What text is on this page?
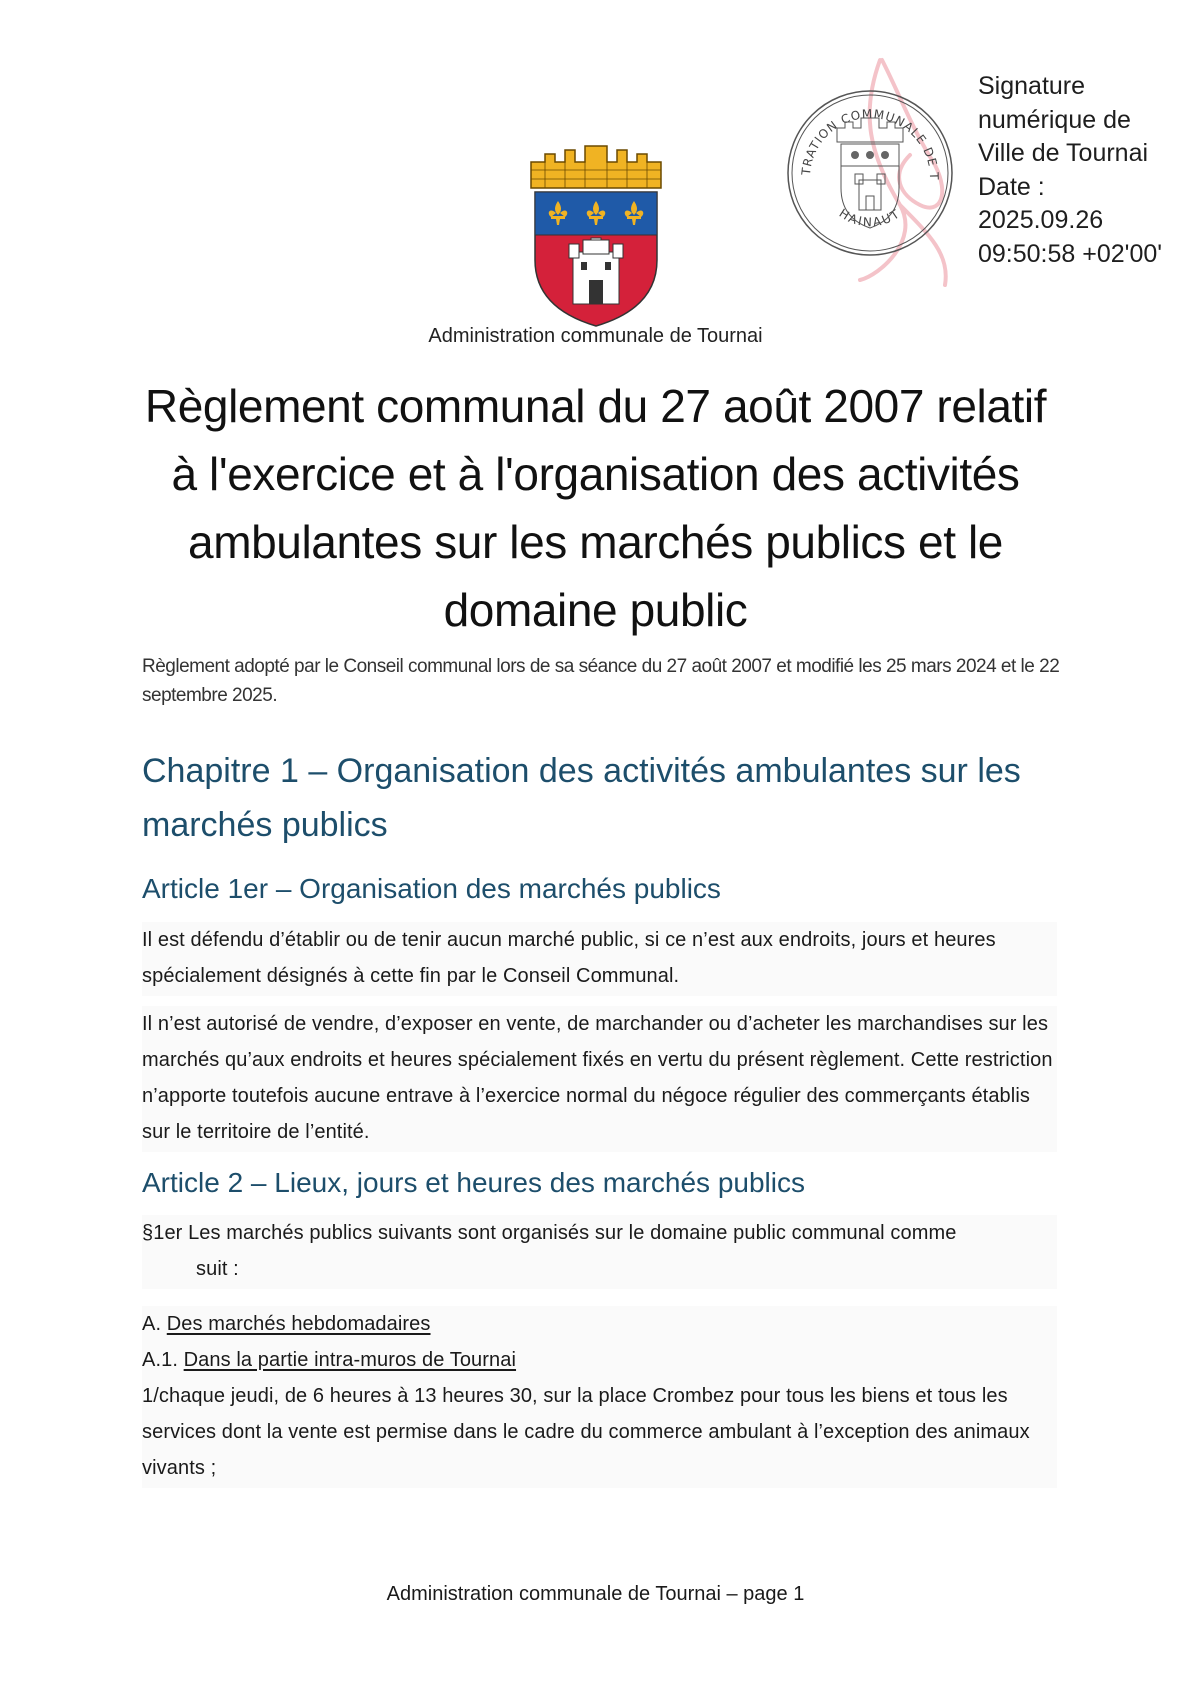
TRATION COMMUNALE DE T
HAINAUT
Signature
numérique de
Ville de Tournai
Date :
2025.09.26
09:50:58 +02'00'
Administration communale de Tournai
Règlement communal du 27 août 2007 relatif à l'exercice et à l'organisation des activités ambulantes sur les marchés publics et le domaine public
Règlement adopté par le Conseil communal lors de sa séance du 27 août 2007 et modifié les 25 mars 2024 et le 22 septembre 2025.
Chapitre 1 – Organisation des activités ambulantes sur les marchés publics
Article 1er – Organisation des marchés publics
Il est défendu d’établir ou de tenir aucun marché public, si ce n’est aux endroits, jours et heures spécialement désignés à cette fin par le Conseil Communal.
Il n’est autorisé de vendre, d’exposer en vente, de marchander ou d’acheter les marchandises sur les marchés qu’aux endroits et heures spécialement fixés en vertu du présent règlement. Cette restriction n’apporte toutefois aucune entrave à l’exercice normal du négoce régulier des commerçants établis sur le territoire de l’entité.
Article 2 – Lieux, jours et heures des marchés publics
§1er Les marchés publics suivants sont organisés sur le domaine public communal comme
suit :
A. Des marchés hebdomadaires
A.1. Dans la partie intra-muros de Tournai
1/chaque jeudi, de 6 heures à 13 heures 30, sur la place Crombez pour tous les biens et tous les services dont la vente est permise dans le cadre du commerce ambulant à l’exception des animaux vivants ;
Administration communale de Tournai – page 1
